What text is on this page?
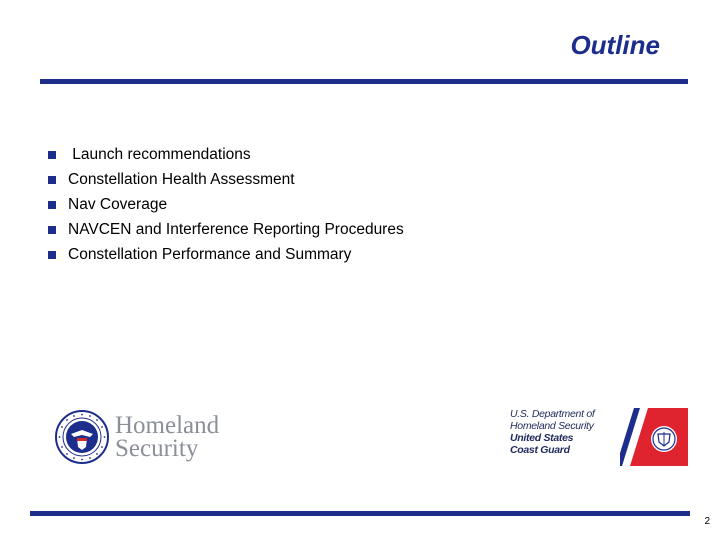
Outline
Launch recommendations
Constellation Health Assessment
Nav Coverage
NAVCEN and Interference Reporting Procedures
Constellation Performance and Summary
Homeland
Security
U.S. Department of
Homeland Security
United States
Coast Guard
2
